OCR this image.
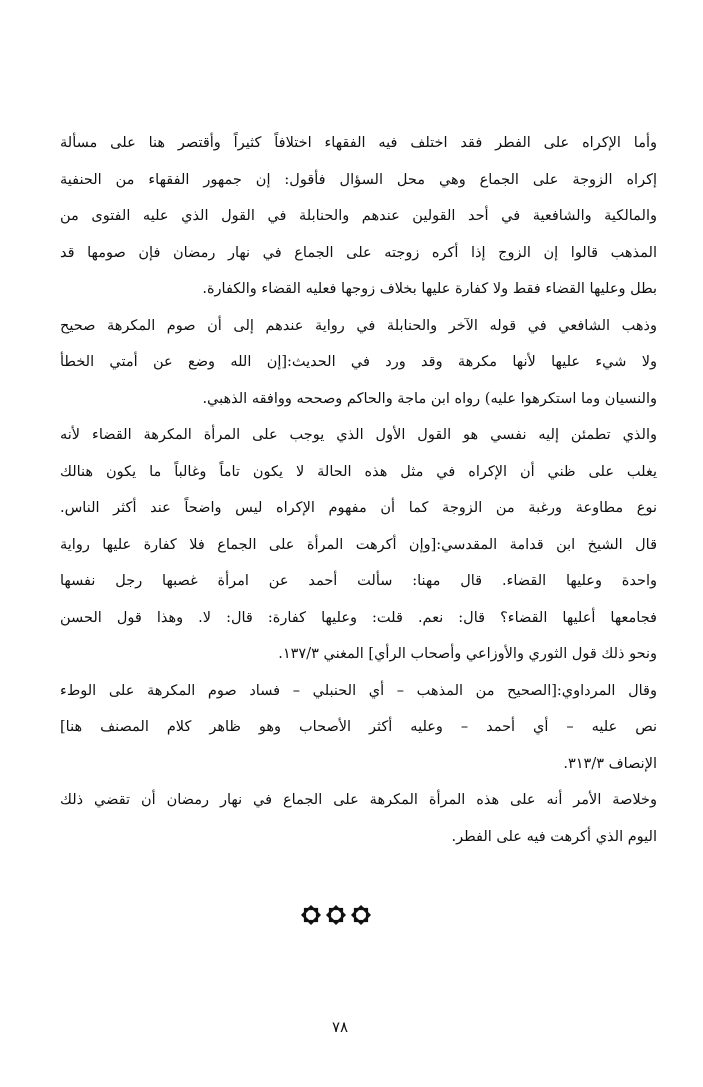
وأما الإكراه على الفطر فقد اختلف فيه الفقهاء اختلافاً كثيراً وأقتصر هنا على مسألة
إكراه الزوجة على الجماع وهي محل السؤال فأقول: إن جمهور الفقهاء من الحنفية
والمالكية والشافعية في أحد القولين عندهم والحنابلة في القول الذي عليه الفتوى من
المذهب قالوا إن الزوج إذا أكره زوجته على الجماع في نهار رمضان فإن صومها قد
بطل وعليها القضاء فقط ولا كفارة عليها بخلاف زوجها فعليه القضاء والكفارة.
وذهب الشافعي في قوله الآخر والحنابلة في رواية عندهم إلى أن صوم المكرهة صحيح
ولا شيء عليها لأنها مكرهة وقد ورد في الحديث:[إن الله وضع عن أمتي الخطأ
والنسيان وما استكرهوا عليه) رواه ابن ماجة والحاكم وصححه ووافقه الذهبي.
والذي تطمئن إليه نفسي هو القول الأول الذي يوجب على المرأة المكرهة القضاء لأنه
يغلب على ظني أن الإكراه في مثل هذه الحالة لا يكون تاماً وغالباً ما يكون هنالك
نوع مطاوعة ورغبة من الزوجة كما أن مفهوم الإكراه ليس واضحاً عند أكثر الناس.
قال الشيخ ابن قدامة المقدسي:[وإن أكرهت المرأة على الجماع فلا كفارة عليها رواية
واحدة وعليها القضاء. قال مهنا: سألت أحمد عن امرأة غصبها رجل نفسها
فجامعها أعليها القضاء؟ قال: نعم. قلت: وعليها كفارة: قال: لا. وهذا قول الحسن
ونحو ذلك قول الثوري والأوزاعي وأصحاب الرأي] المغني ١٣٧/٣.
وقال المرداوي:[الصحيح من المذهب – أي الحنبلي – فساد صوم المكرهة على الوطء
نص عليه – أي أحمد – وعليه أكثر الأصحاب وهو ظاهر كلام المصنف هنا]
الإنصاف ٣١٣/٣.
وخلاصة الأمر أنه على هذه المرأة المكرهة على الجماع في نهار رمضان أن تقضي ذلك
اليوم الذي أكرهت فيه على الفطر.
٧٨
